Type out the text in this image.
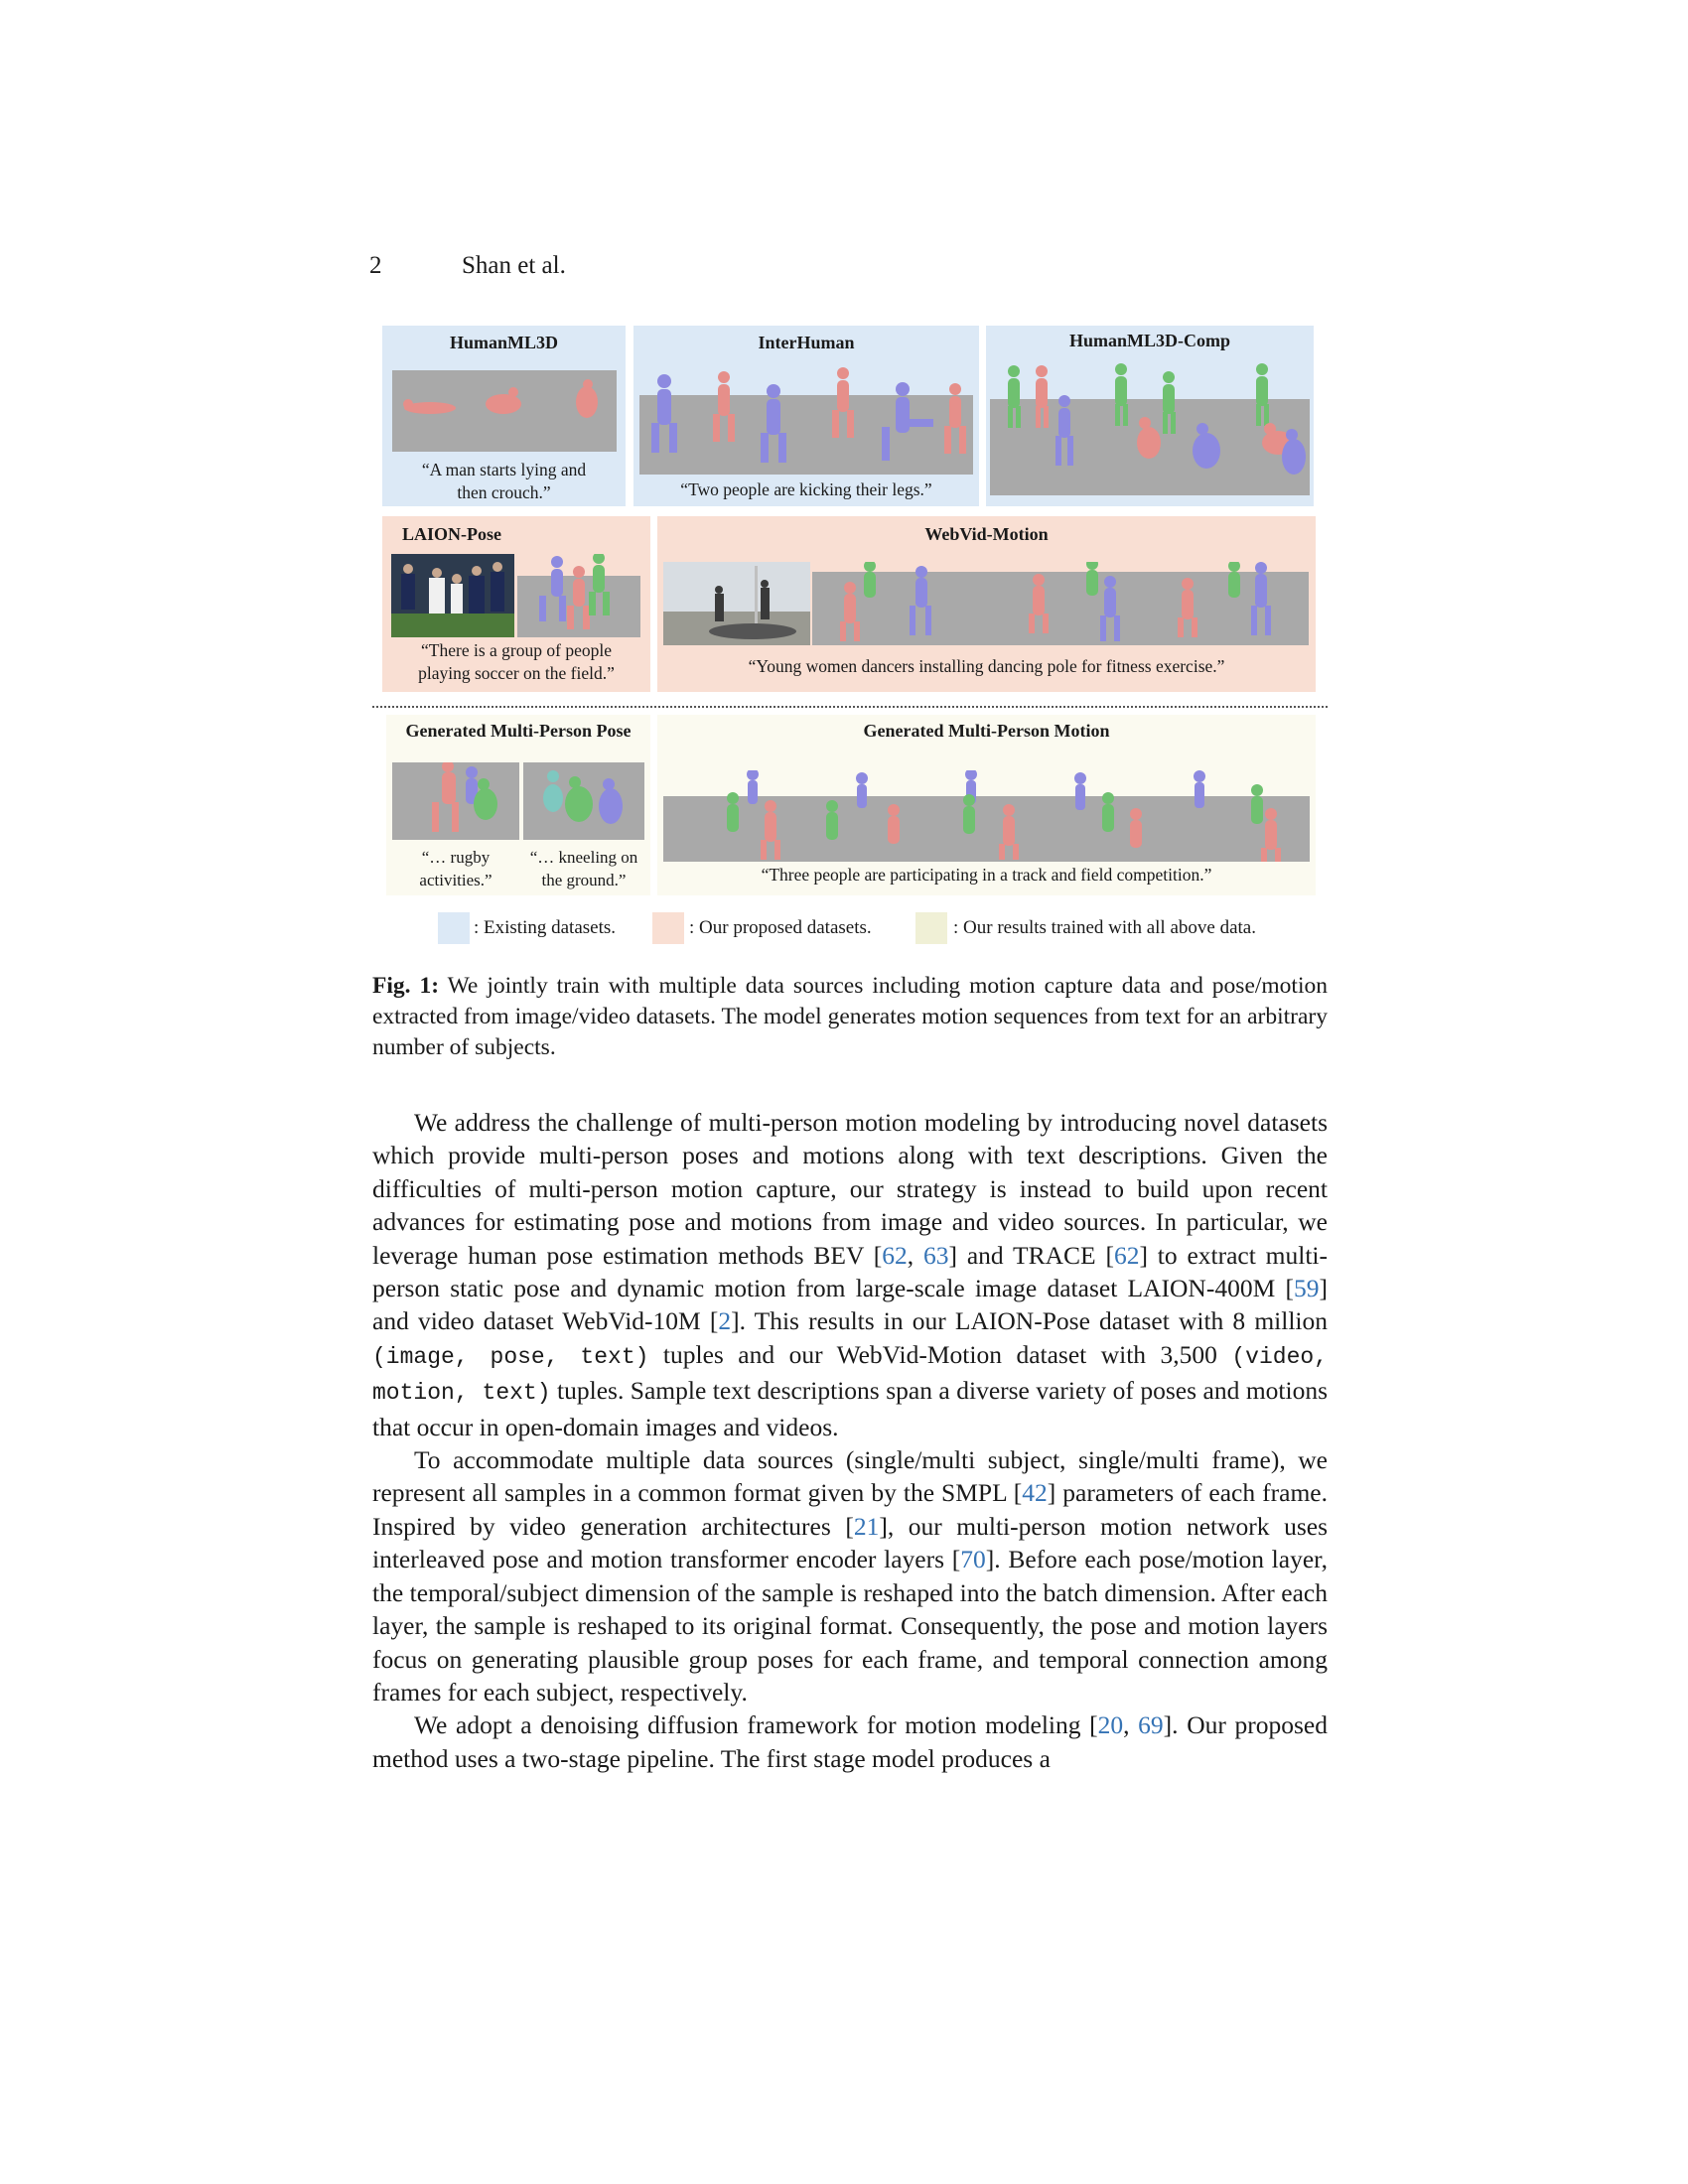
2	Shan et al.
HumanML3D
“A man starts lying and
then crouch.”
InterHuman
“Two people are kicking their legs.”
HumanML3D-Comp
LAION-Pose
“There is a group of people
playing soccer on the field.”
WebVid-Motion
“Young women dancers installing dancing pole for fitness exercise.”
Generated Multi-Person Pose
“… rugby
activities.”
“… kneeling on
the ground.”
Generated Multi-Person Motion
“Three people are participating in a track and field competition.”
: Existing datasets.	: Our proposed datasets.	: Our results trained with all above data.
Fig. 1: We jointly train with multiple data sources including motion capture data and pose/motion extracted from image/video datasets. The model generates motion sequences from text for an arbitrary number of subjects.

We address the challenge of multi-person motion modeling by introducing novel datasets which provide multi-person poses and motions along with text descriptions. Given the difficulties of multi-person motion capture, our strategy is instead to build upon recent advances for estimating pose and motions from image and video sources. In particular, we leverage human pose estimation methods BEV [62, 63] and TRACE [62] to extract multi-person static pose and dynamic motion from large-scale image dataset LAION-400M [59] and video dataset WebVid-10M [2]. This results in our LAION-Pose dataset with 8 million (image, pose, text) tuples and our WebVid-Motion dataset with 3,500 (video, motion, text) tuples. Sample text descriptions span a diverse variety of poses and motions that occur in open-domain images and videos.

To accommodate multiple data sources (single/multi subject, single/multi frame), we represent all samples in a common format given by the SMPL [42] parameters of each frame. Inspired by video generation architectures [21], our multi-person motion network uses interleaved pose and motion transformer encoder layers [70]. Before each pose/motion layer, the temporal/subject dimension of the sample is reshaped into the batch dimension. After each layer, the sample is reshaped to its original format. Consequently, the pose and motion layers focus on generating plausible group poses for each frame, and temporal connection among frames for each subject, respectively.

We adopt a denoising diffusion framework for motion modeling [20, 69]. Our proposed method uses a two-stage pipeline. The first stage model produces a
